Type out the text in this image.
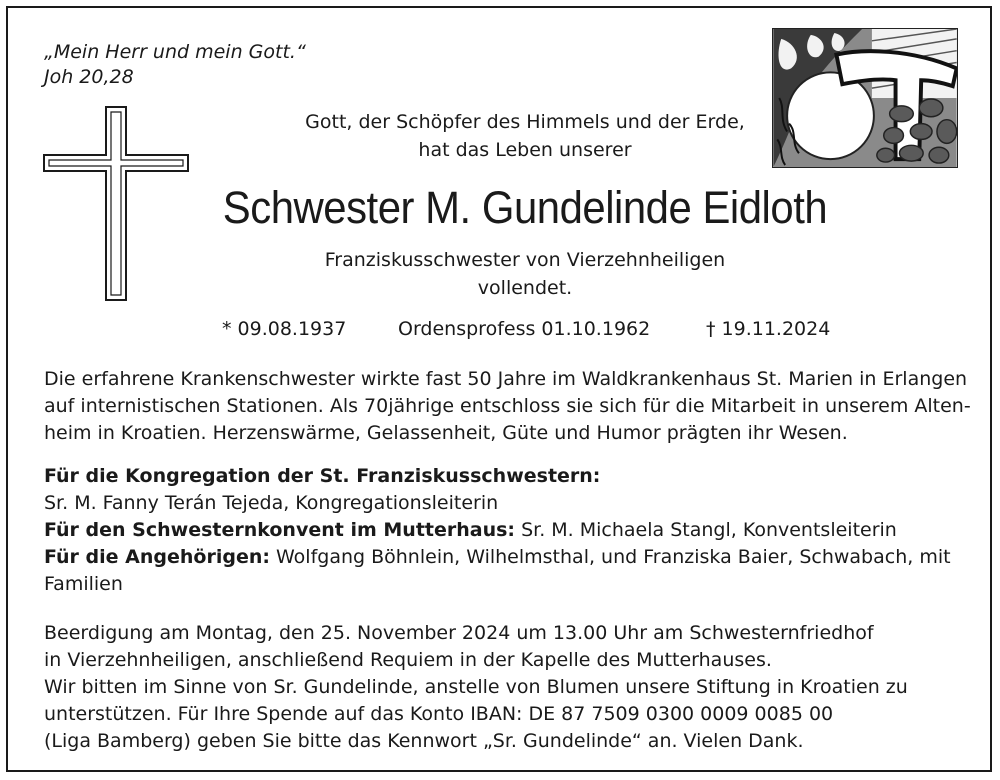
„Mein Herr und mein Gott.“
Joh 20,28
Gott, der Schöpfer des Himmels und der Erde,
hat das Leben unserer
Schwester M. Gundelinde Eidloth
Franziskusschwester von Vierzehnheiligen
vollendet.
* 09.08.1937	Ordensprofess 01.10.1962	† 19.11.2024
Die erfahrene Krankenschwester wirkte fast 50 Jahre im Waldkrankenhaus St. Marien in Erlangen
auf internistischen Stationen. Als 70jährige entschloss sie sich für die Mitarbeit in unserem Alten-
heim in Kroatien. Herzenswärme, Gelassenheit, Güte und Humor prägten ihr Wesen.
Für die Kongregation der St. Franziskusschwestern:
Sr. M. Fanny Terán Tejeda, Kongregationsleiterin
Für den Schwesternkonvent im Mutterhaus: Sr. M. Michaela Stangl, Konventsleiterin
Für die Angehörigen: Wolfgang Böhnlein, Wilhelmsthal, und Franziska Baier, Schwabach, mit
Familien
Beerdigung am Montag, den 25. November 2024 um 13.00 Uhr am Schwesternfriedhof
in Vierzehnheiligen, anschließend Requiem in der Kapelle des Mutterhauses.
Wir bitten im Sinne von Sr. Gundelinde, anstelle von Blumen unsere Stiftung in Kroatien zu
unterstützen. Für Ihre Spende auf das Konto IBAN: DE 87 7509 0300 0009 0085 00
(Liga Bamberg) geben Sie bitte das Kennwort „Sr. Gundelinde“ an. Vielen Dank.
